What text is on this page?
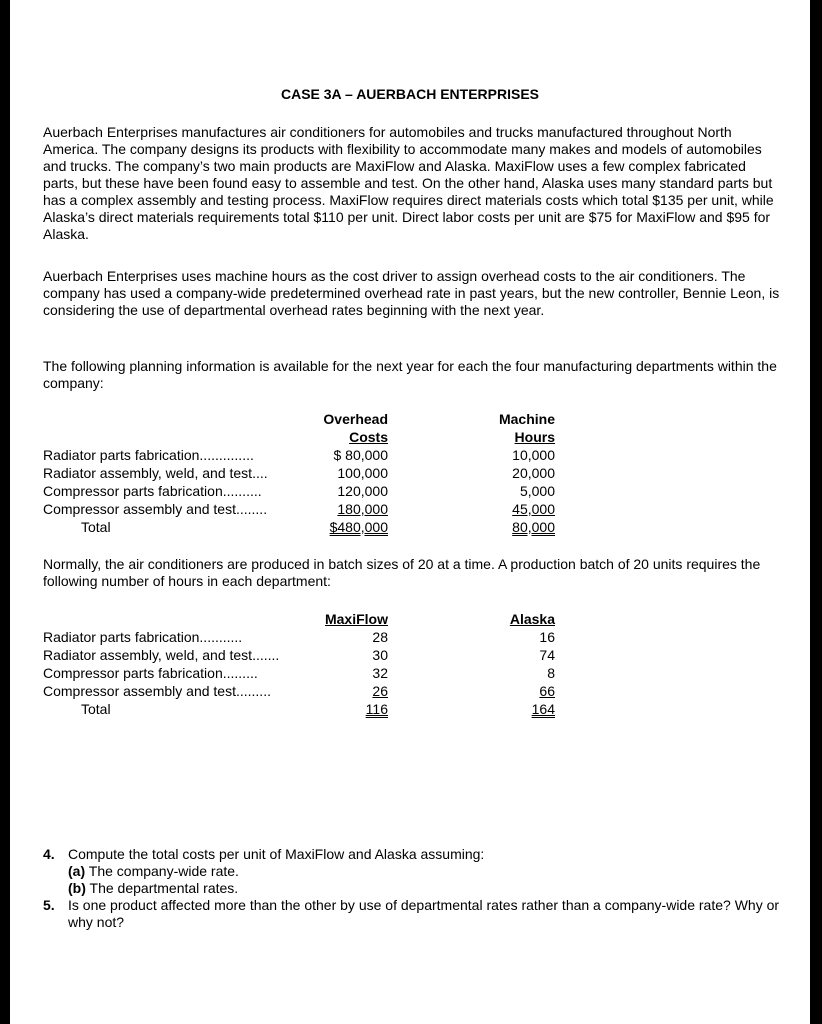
CASE 3A – AUERBACH ENTERPRISES
Auerbach Enterprises manufactures air conditioners for automobiles and trucks manufactured throughout North America. The company designs its products with flexibility to accommodate many makes and models of automobiles and trucks. The company’s two main products are MaxiFlow and Alaska. MaxiFlow uses a few complex fabricated parts, but these have been found easy to assemble and test. On the other hand, Alaska uses many standard parts but has a complex assembly and testing process. MaxiFlow requires direct materials costs which total $135 per unit, while Alaska’s direct materials requirements total $110 per unit. Direct labor costs per unit are $75 for MaxiFlow and $95 for Alaska.
Auerbach Enterprises uses machine hours as the cost driver to assign overhead costs to the air conditioners. The company has used a company-wide predetermined overhead rate in past years, but the new controller, Bennie Leon, is considering the use of departmental overhead rates beginning with the next year.
The following planning information is available for the next year for each the four manufacturing departments within the company:
Overhead	Machine
Costs	Hours
Radiator parts fabrication..............	$ 80,000	10,000
Radiator assembly, weld, and test....	100,000	20,000
Compressor parts fabrication..........	120,000	5,000
Compressor assembly and test........	180,000	45,000
Total	$480,000	80,000
Normally, the air conditioners are produced in batch sizes of 20 at a time. A production batch of 20 units requires the following number of hours in each department:
MaxiFlow	Alaska
Radiator parts fabrication...........	28	16
Radiator assembly, weld, and test.......	30	74
Compressor parts fabrication.........	32	8
Compressor assembly and test.........	26	66
Total	116	164
4. Compute the total costs per unit of MaxiFlow and Alaska assuming:
(a) The company-wide rate.
(b) The departmental rates.
5. Is one product affected more than the other by use of departmental rates rather than a company-wide rate? Why or why not?
